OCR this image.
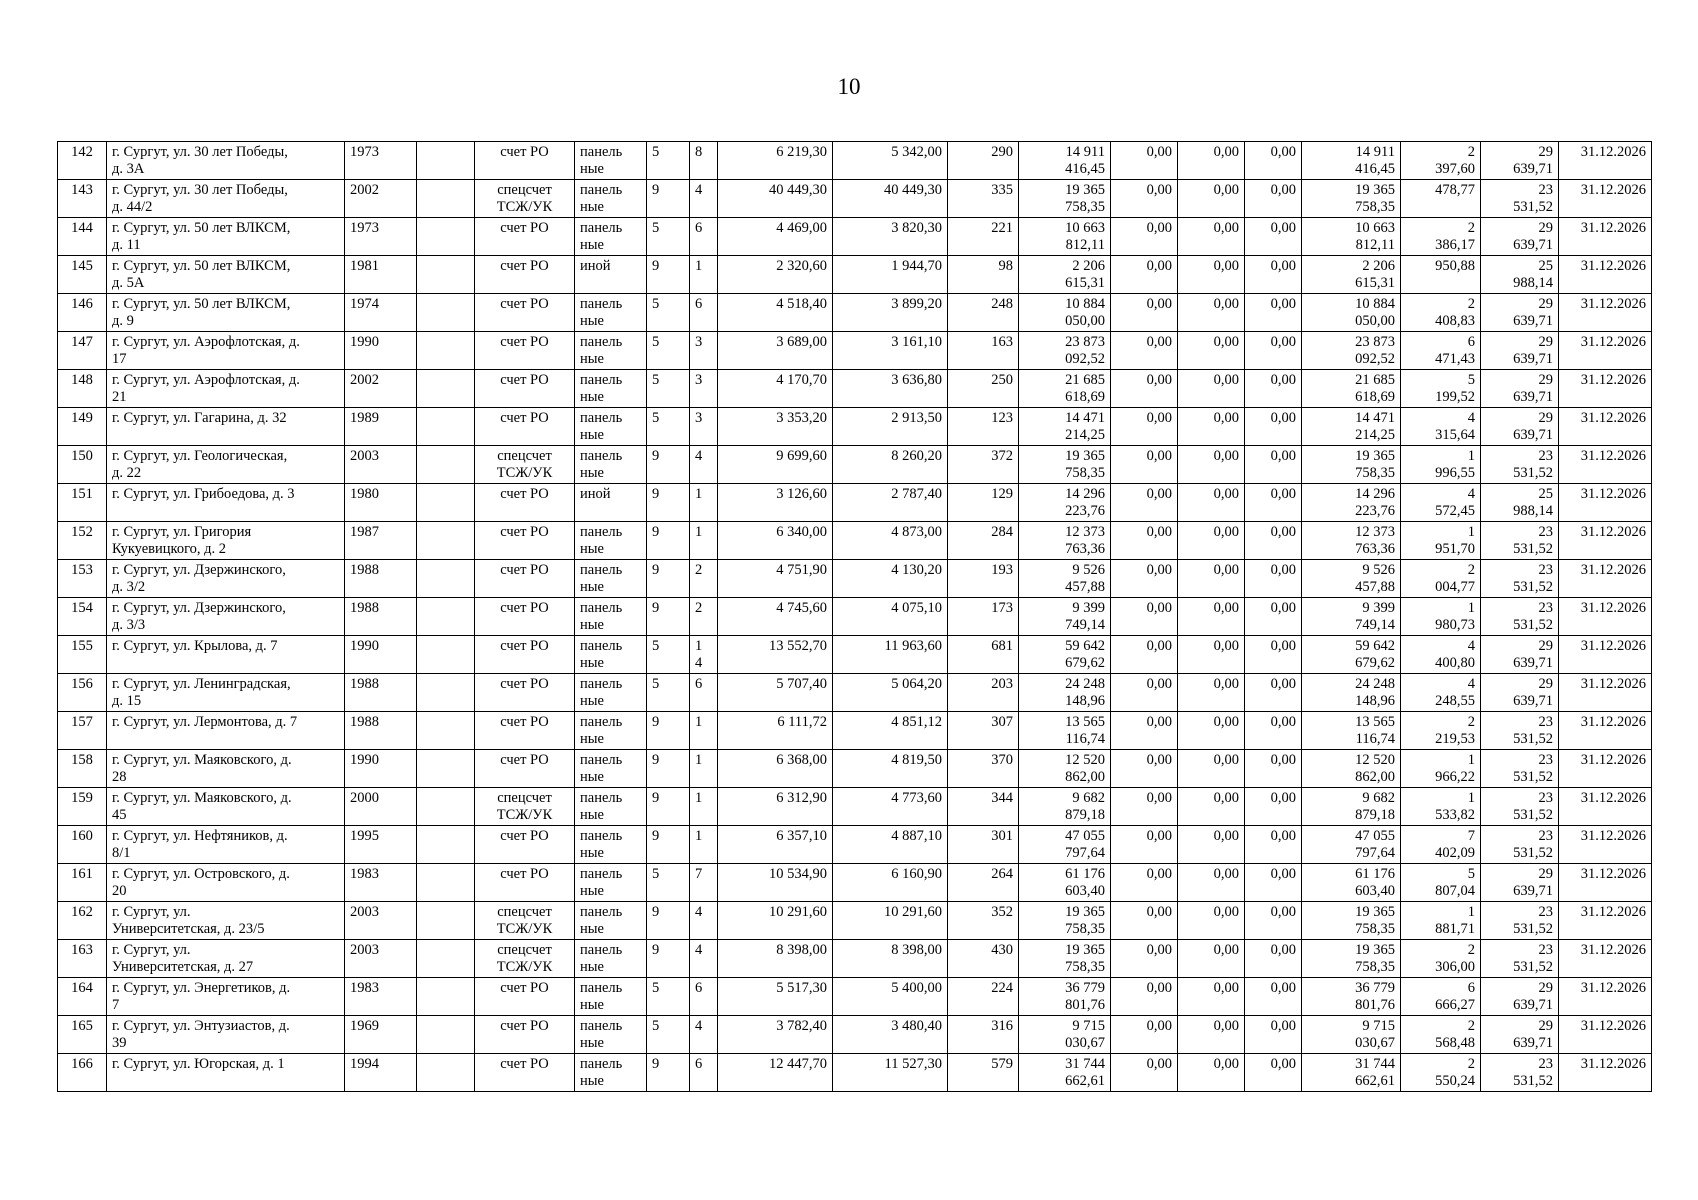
10
142	г. Сургут, ул. 30 лет Победы,
д. 3А	1973		счет РО	панель
ные	5	8	6 219,30	5 342,00	290	14 911
416,45	0,00	0,00	0,00	14 911
416,45	2
397,60	29
639,71	31.12.2026

143	г. Сургут, ул. 30 лет Победы,
д. 44/2	2002		спецсчет
ТСЖ/УК	панель
ные	9	4	40 449,30	40 449,30	335	19 365
758,35	0,00	0,00	0,00	19 365
758,35	478,77	23
531,52	31.12.2026

144	г. Сургут, ул. 50 лет ВЛКСМ,
д. 11	1973		счет РО	панель
ные	5	6	4 469,00	3 820,30	221	10 663
812,11	0,00	0,00	0,00	10 663
812,11	2
386,17	29
639,71	31.12.2026

145	г. Сургут, ул. 50 лет ВЛКСМ,
д. 5А	1981		счет РО	иной	9	1	2 320,60	1 944,70	98	2 206
615,31	0,00	0,00	0,00	2 206
615,31	950,88	25
988,14	31.12.2026

146	г. Сургут, ул. 50 лет ВЛКСМ,
д. 9	1974		счет РО	панель
ные	5	6	4 518,40	3 899,20	248	10 884
050,00	0,00	0,00	0,00	10 884
050,00	2
408,83	29
639,71	31.12.2026

147	г. Сургут, ул. Аэрофлотская, д.
17	1990		счет РО	панель
ные	5	3	3 689,00	3 161,10	163	23 873
092,52	0,00	0,00	0,00	23 873
092,52	6
471,43	29
639,71	31.12.2026

148	г. Сургут, ул. Аэрофлотская, д.
21	2002		счет РО	панель
ные	5	3	4 170,70	3 636,80	250	21 685
618,69	0,00	0,00	0,00	21 685
618,69	5
199,52	29
639,71	31.12.2026

149	г. Сургут, ул. Гагарина, д. 32	1989		счет РО	панель
ные	5	3	3 353,20	2 913,50	123	14 471
214,25	0,00	0,00	0,00	14 471
214,25	4
315,64	29
639,71	31.12.2026

150	г. Сургут, ул. Геологическая,
д. 22	2003		спецсчет
ТСЖ/УК	панель
ные	9	4	9 699,60	8 260,20	372	19 365
758,35	0,00	0,00	0,00	19 365
758,35	1
996,55	23
531,52	31.12.2026

151	г. Сургут, ул. Грибоедова, д. 3	1980		счет РО	иной	9	1	3 126,60	2 787,40	129	14 296
223,76	0,00	0,00	0,00	14 296
223,76	4
572,45	25
988,14	31.12.2026

152	г. Сургут, ул. Григория
Кукуевицкого, д. 2	1987		счет РО	панель
ные	9	1	6 340,00	4 873,00	284	12 373
763,36	0,00	0,00	0,00	12 373
763,36	1
951,70	23
531,52	31.12.2026

153	г. Сургут, ул. Дзержинского,
д. 3/2	1988		счет РО	панель
ные	9	2	4 751,90	4 130,20	193	9 526
457,88	0,00	0,00	0,00	9 526
457,88	2
004,77	23
531,52	31.12.2026

154	г. Сургут, ул. Дзержинского,
д. 3/3	1988		счет РО	панель
ные	9	2	4 745,60	4 075,10	173	9 399
749,14	0,00	0,00	0,00	9 399
749,14	1
980,73	23
531,52	31.12.2026

155	г. Сургут, ул. Крылова, д. 7	1990		счет РО	панель
ные	5	1
4	13 552,70	11 963,60	681	59 642
679,62	0,00	0,00	0,00	59 642
679,62	4
400,80	29
639,71	31.12.2026

156	г. Сургут, ул. Ленинградская,
д. 15	1988		счет РО	панель
ные	5	6	5 707,40	5 064,20	203	24 248
148,96	0,00	0,00	0,00	24 248
148,96	4
248,55	29
639,71	31.12.2026

157	г. Сургут, ул. Лермонтова, д. 7	1988		счет РО	панель
ные	9	1	6 111,72	4 851,12	307	13 565
116,74	0,00	0,00	0,00	13 565
116,74	2
219,53	23
531,52	31.12.2026

158	г. Сургут, ул. Маяковского, д.
28	1990		счет РО	панель
ные	9	1	6 368,00	4 819,50	370	12 520
862,00	0,00	0,00	0,00	12 520
862,00	1
966,22	23
531,52	31.12.2026

159	г. Сургут, ул. Маяковского, д.
45	2000		спецсчет
ТСЖ/УК	панель
ные	9	1	6 312,90	4 773,60	344	9 682
879,18	0,00	0,00	0,00	9 682
879,18	1
533,82	23
531,52	31.12.2026

160	г. Сургут, ул. Нефтяников, д.
8/1	1995		счет РО	панель
ные	9	1	6 357,10	4 887,10	301	47 055
797,64	0,00	0,00	0,00	47 055
797,64	7
402,09	23
531,52	31.12.2026

161	г. Сургут, ул. Островского, д.
20	1983		счет РО	панель
ные	5	7	10 534,90	6 160,90	264	61 176
603,40	0,00	0,00	0,00	61 176
603,40	5
807,04	29
639,71	31.12.2026

162	г. Сургут, ул.
Университетская, д. 23/5	2003		спецсчет
ТСЖ/УК	панель
ные	9	4	10 291,60	10 291,60	352	19 365
758,35	0,00	0,00	0,00	19 365
758,35	1
881,71	23
531,52	31.12.2026

163	г. Сургут, ул.
Университетская, д. 27	2003		спецсчет
ТСЖ/УК	панель
ные	9	4	8 398,00	8 398,00	430	19 365
758,35	0,00	0,00	0,00	19 365
758,35	2
306,00	23
531,52	31.12.2026

164	г. Сургут, ул. Энергетиков, д.
7	1983		счет РО	панель
ные	5	6	5 517,30	5 400,00	224	36 779
801,76	0,00	0,00	0,00	36 779
801,76	6
666,27	29
639,71	31.12.2026

165	г. Сургут, ул. Энтузиастов, д.
39	1969		счет РО	панель
ные	5	4	3 782,40	3 480,40	316	9 715
030,67	0,00	0,00	0,00	9 715
030,67	2
568,48	29
639,71	31.12.2026

166	г. Сургут, ул. Югорская, д. 1	1994		счет РО	панель
ные	9	6	12 447,70	11 527,30	579	31 744
662,61	0,00	0,00	0,00	31 744
662,61	2
550,24	23
531,52	31.12.2026
